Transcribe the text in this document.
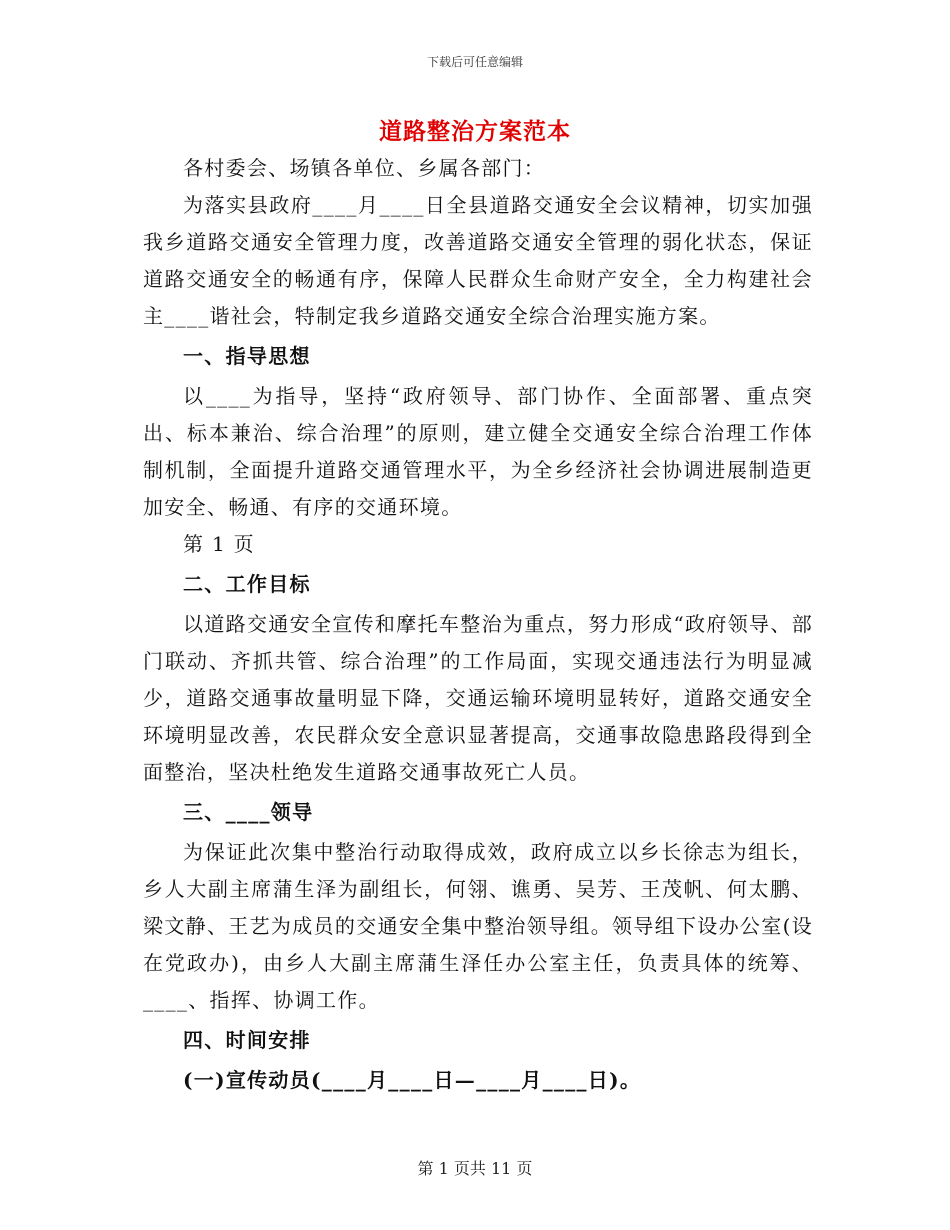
下载后可任意编辑
道路整治方案范本

各村委会、场镇各单位、乡属各部门：

为落实县政府____月____日全县道路交通安全会议精神，切实加强我乡道路交通安全管理力度，改善道路交通安全管理的弱化状态，保证道路交通安全的畅通有序，保障人民群众生命财产安全，全力构建社会主____谐社会，特制定我乡道路交通安全综合治理实施方案。

一、指导思想

以____为指导，坚持“政府领导、部门协作、全面部署、重点突出、标本兼治、综合治理”的原则，建立健全交通安全综合治理工作体制机制，全面提升道路交通管理水平，为全乡经济社会协调进展制造更加安全、畅通、有序的交通环境。

第 1 页

二、工作目标

以道路交通安全宣传和摩托车整治为重点，努力形成“政府领导、部门联动、齐抓共管、综合治理”的工作局面，实现交通违法行为明显减少，道路交通事故量明显下降，交通运输环境明显转好，道路交通安全环境明显改善，农民群众安全意识显著提高，交通事故隐患路段得到全面整治，坚决杜绝发生道路交通事故死亡人员。

三、____领导

为保证此次集中整治行动取得成效，政府成立以乡长徐志为组长，乡人大副主席蒲生泽为副组长，何翎、谯勇、吴芳、王茂帆、何太鹏、梁文静、王艺为成员的交通安全集中整治领导组。领导组下设办公室(设在党政办)，由乡人大副主席蒲生泽任办公室主任，负责具体的统筹、____、指挥、协调工作。

四、时间安排

(一)宣传动员(____月____日—____月____日)。

第 1 页共 11 页
